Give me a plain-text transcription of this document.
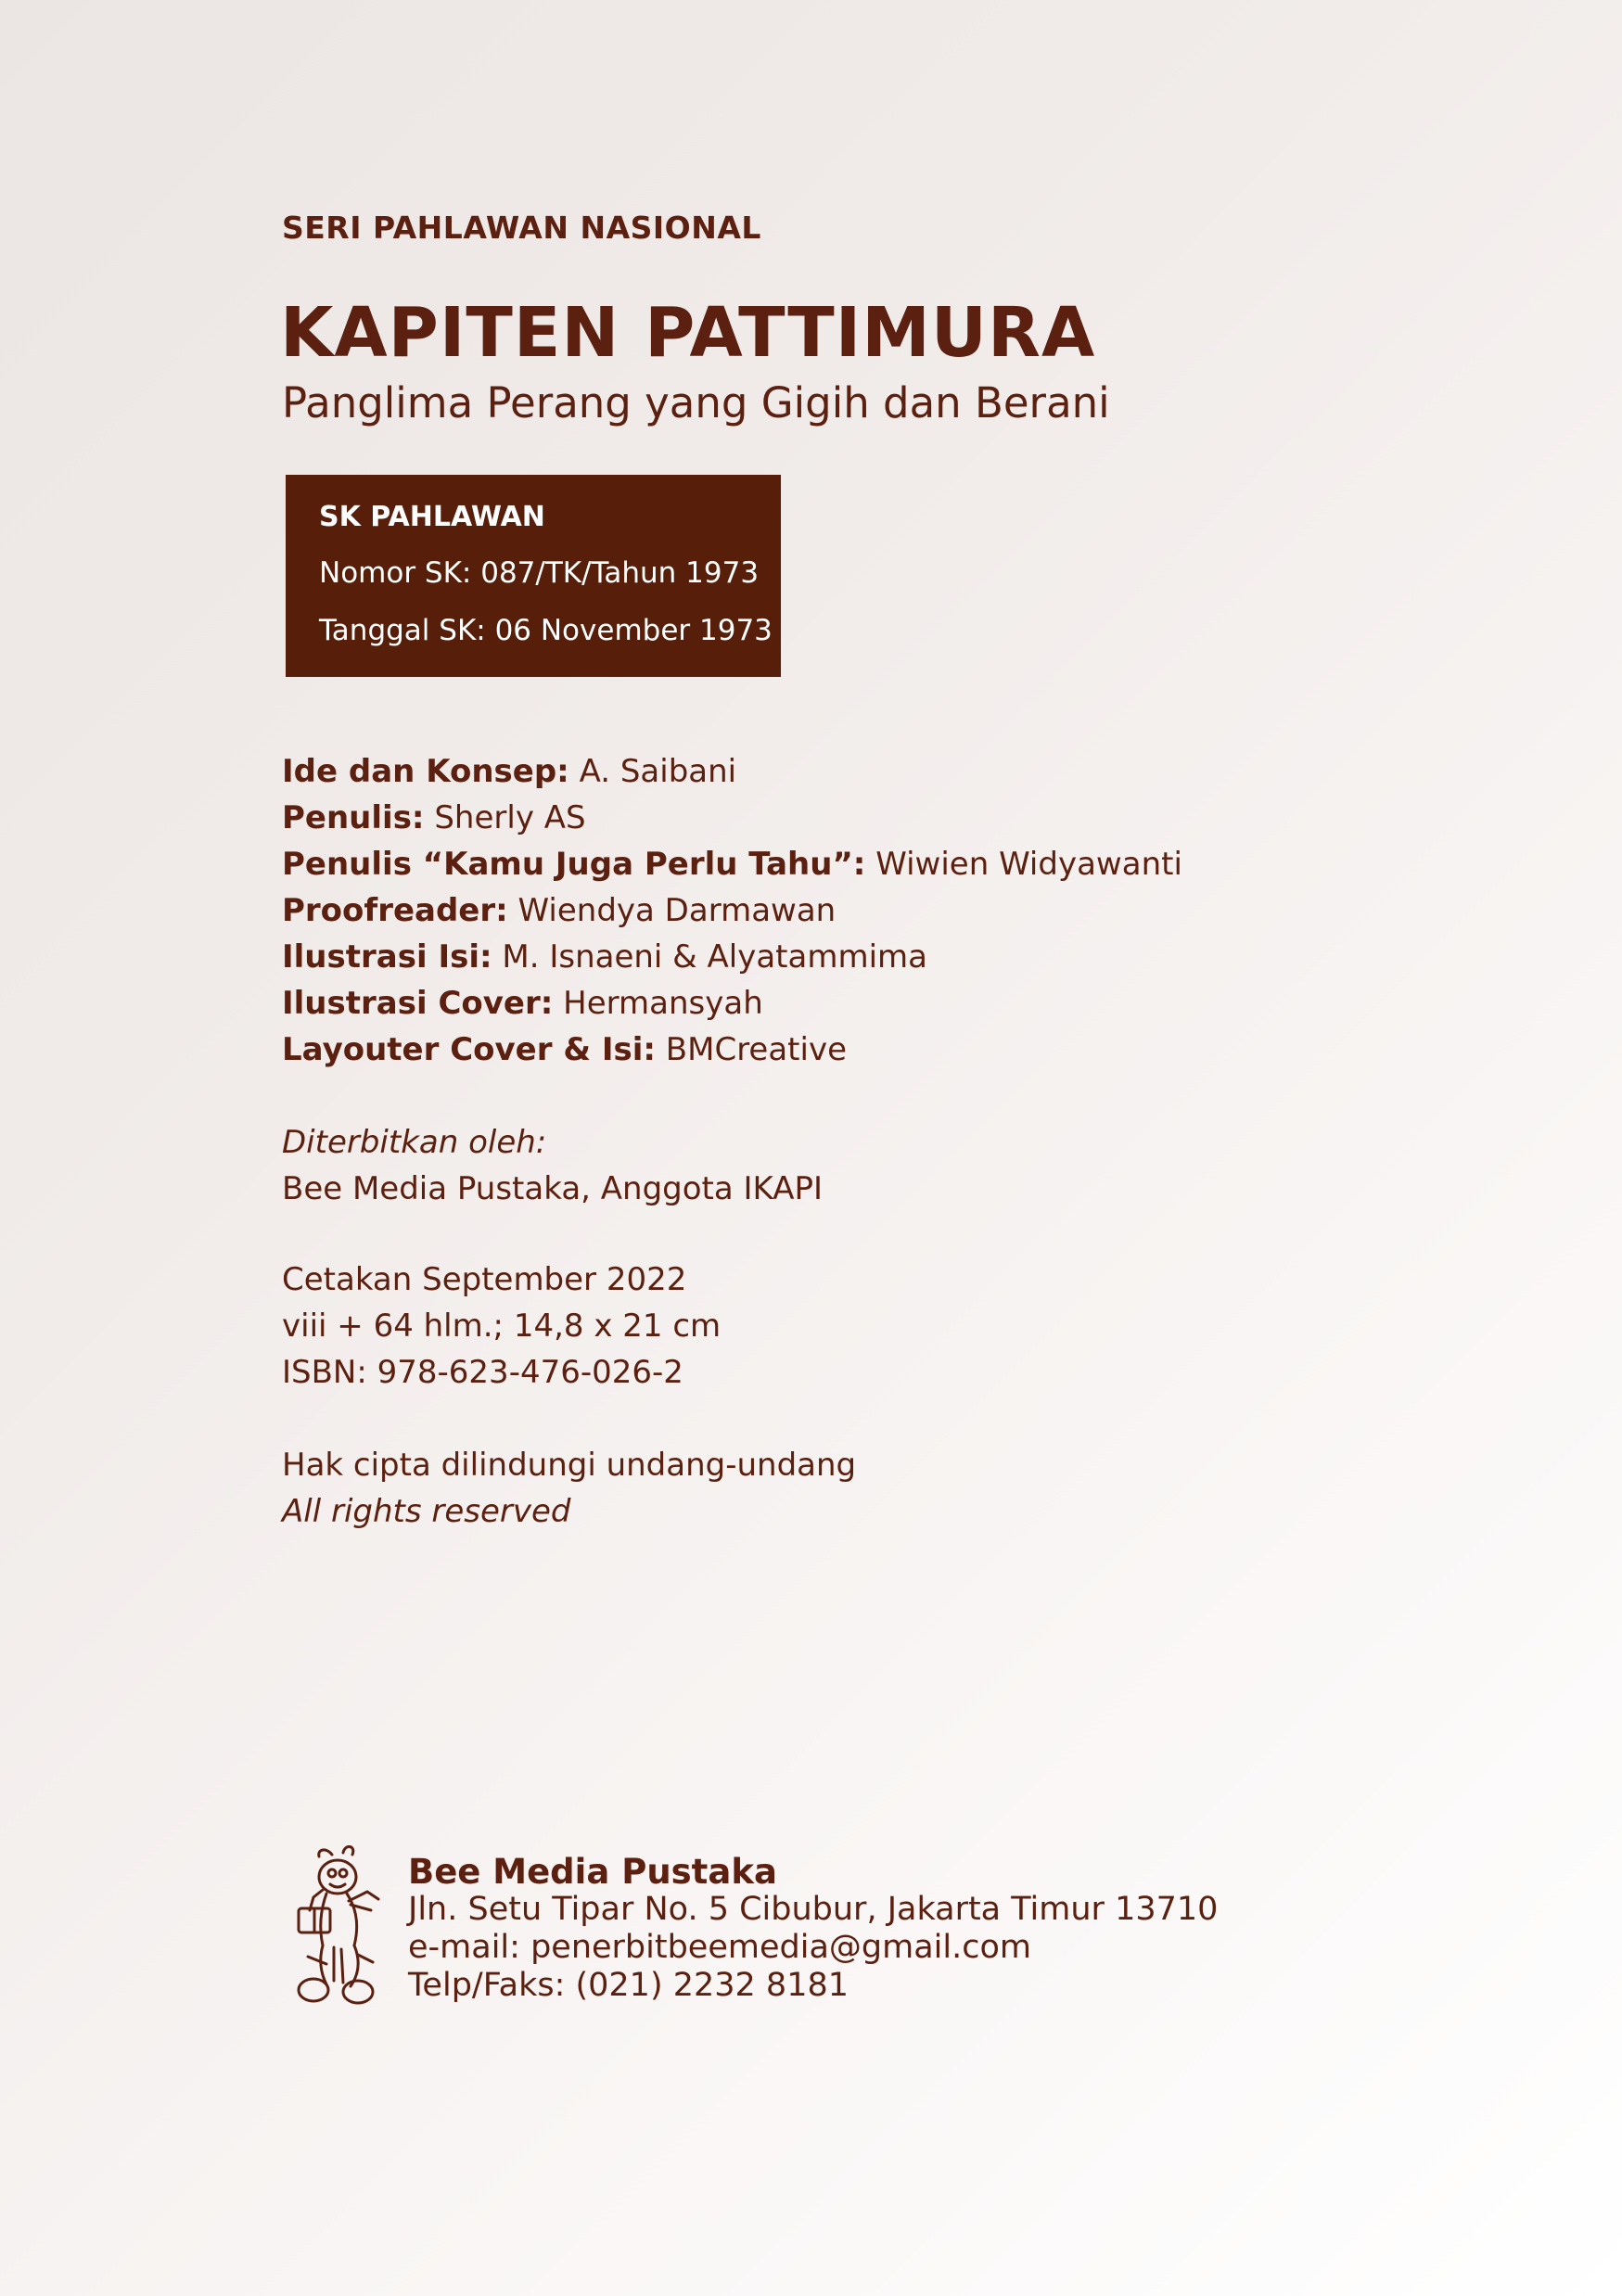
SERI PAHLAWAN NASIONAL
KAPITEN PATTIMURA
Panglima Perang yang Gigih dan Berani
SK PAHLAWAN
Nomor SK: 087/TK/Tahun 1973
Tanggal SK: 06 November 1973
Ide dan Konsep: A. Saibani
Penulis: Sherly AS
Penulis “Kamu Juga Perlu Tahu”: Wiwien Widyawanti
Proofreader: Wiendya Darmawan
Ilustrasi Isi: M. Isnaeni & Alyatammima
Ilustrasi Cover: Hermansyah
Layouter Cover & Isi: BMCreative
Diterbitkan oleh:
Bee Media Pustaka, Anggota IKAPI
Cetakan September 2022
viii + 64 hlm.; 14,8 x 21 cm
ISBN: 978-623-476-026-2
Hak cipta dilindungi undang-undang
All rights reserved
Bee Media Pustaka
Jln. Setu Tipar No. 5 Cibubur, Jakarta Timur 13710
e-mail: penerbitbeemedia@gmail.com
Telp/Faks: (021) 2232 8181
